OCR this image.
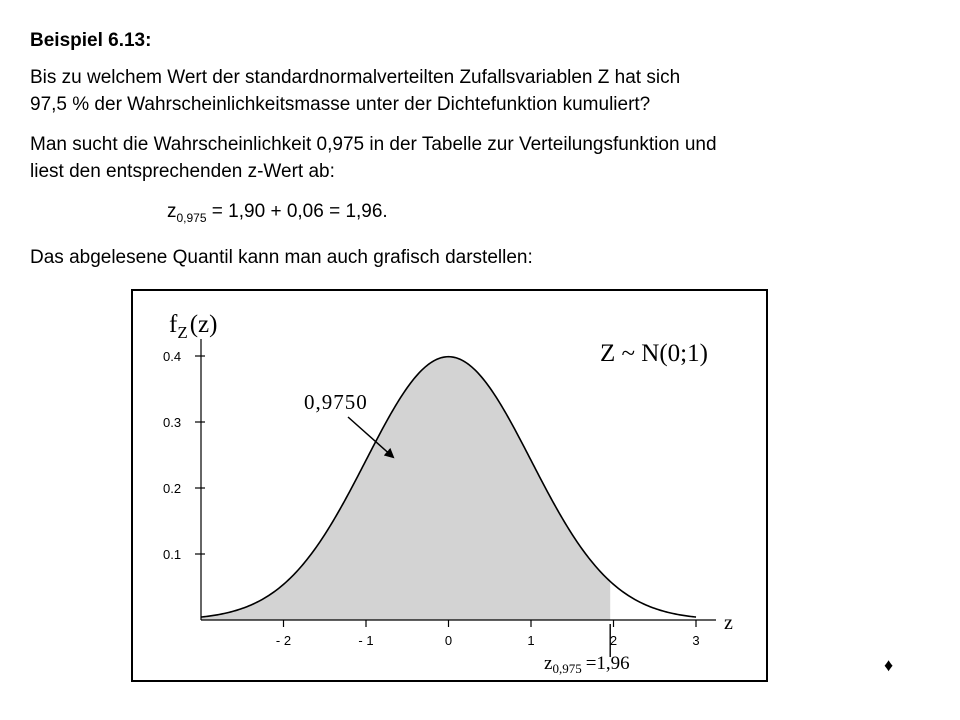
Beispiel 6.13:
Bis zu welchem Wert der standardnormalverteilten Zufallsvariablen Z hat sich
97,5 % der Wahrscheinlichkeitsmasse unter der Dichtefunktion kumuliert?
Man sucht die Wahrscheinlichkeit 0,975 in der Tabelle zur Verteilungsfunktion und
liest den entsprechenden z-Wert ab:
$z_{0,975} = 1,90 + 0,06 = 1,96$.
Das abgelesene Quantil kann man auch grafisch darstellen:
0.1
0.2
0.3
0.4
- 2	- 1	0	1	2	3
$f_Z(z)$
Z ~ N(0;1)
0,9750
z
$z_{0,975} =1,96$	♦
